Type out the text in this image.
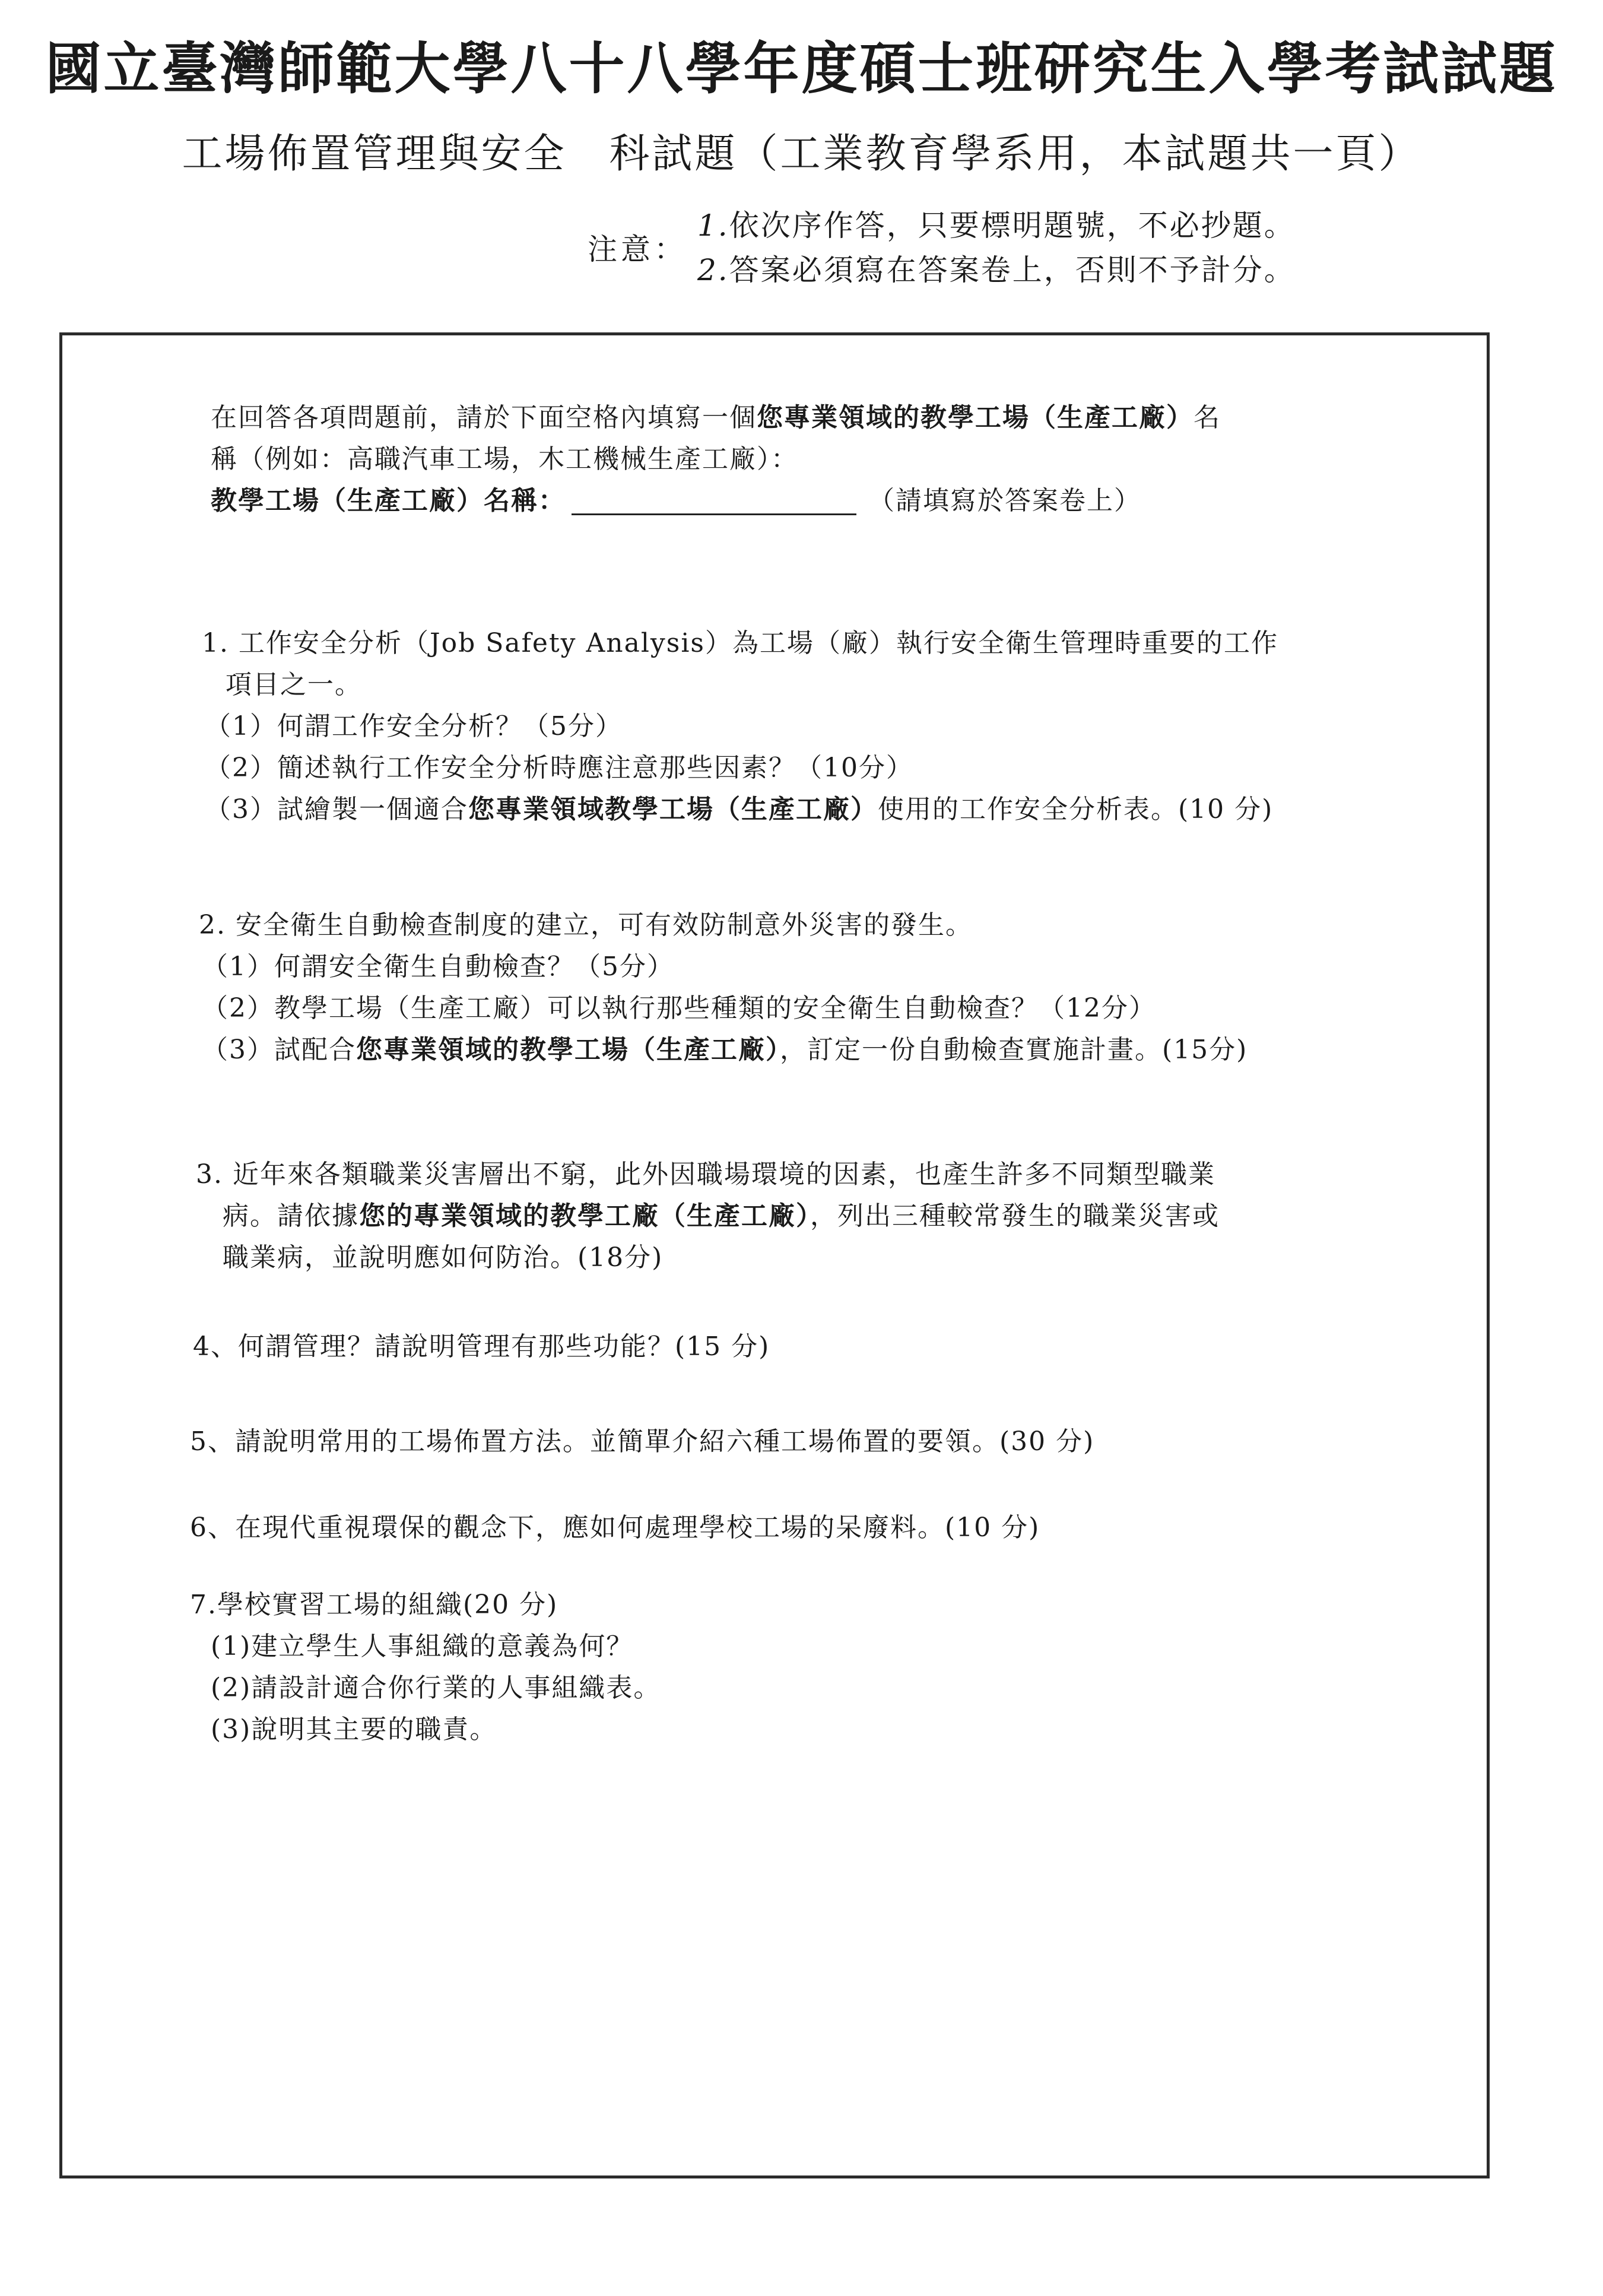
國立臺灣師範大學八十八學年度碩士班研究生入學考試試題
工場佈置管理與安全　科試題（工業教育學系用，本試題共一頁）
注意：
1.依次序作答，只要標明題號，不必抄題。
2.答案必須寫在答案卷上，否則不予計分。
在回答各項問題前，請於下面空格內填寫一個您專業領域的教學工場（生產工廠）名
稱（例如：高職汽車工場，木工機械生產工廠）：
教學工場（生產工廠）名稱：	（請填寫於答案卷上）
1. 工作安全分析（Job Safety Analysis）為工場（廠）執行安全衛生管理時重要的工作
項目之一。
（1）何謂工作安全分析？（5分）
（2）簡述執行工作安全分析時應注意那些因素？（10分）
（3）試繪製一個適合您專業領域教學工場（生產工廠）使用的工作安全分析表。(10 分)
2. 安全衛生自動檢查制度的建立，可有效防制意外災害的發生。
（1）何謂安全衛生自動檢查？（5分）
（2）教學工場（生產工廠）可以執行那些種類的安全衛生自動檢查？（12分）
（3）試配合您專業領域的教學工場（生產工廠），訂定一份自動檢查實施計畫。(15分)
3. 近年來各類職業災害層出不窮，此外因職場環境的因素，也產生許多不同類型職業
病。請依據您的專業領域的教學工廠（生產工廠），列出三種較常發生的職業災害或
職業病，並說明應如何防治。(18分)
4、何謂管理？請說明管理有那些功能？(15 分)
5、請說明常用的工場佈置方法。並簡單介紹六種工場佈置的要領。(30 分)
6、在現代重視環保的觀念下，應如何處理學校工場的呆廢料。(10 分)
7.學校實習工場的組織(20 分)
(1)建立學生人事組織的意義為何？
(2)請設計適合你行業的人事組織表。
(3)說明其主要的職責。
